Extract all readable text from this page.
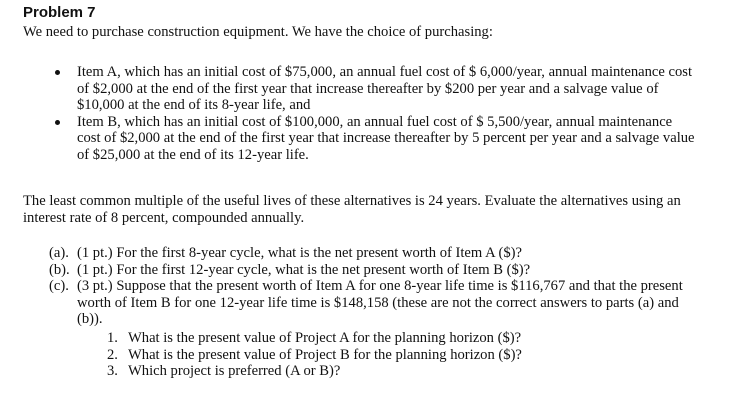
Problem 7

We need to purchase construction equipment. We have the choice of purchasing:

Item A, which has an initial cost of $75,000, an annual fuel cost of $ 6,000/year, annual maintenance cost of $2,000 at the end of the first year that increase thereafter by $200 per year and a salvage value of $10,000 at the end of its 8-year life, and
Item B, which has an initial cost of $100,000, an annual fuel cost of $ 5,500/year, annual maintenance cost of $2,000 at the end of the first year that increase thereafter by 5 percent per year and a salvage value of $25,000 at the end of its 12-year life.

The least common multiple of the useful lives of these alternatives is 24 years. Evaluate the alternatives using an interest rate of 8 percent, compounded annually.

(a). (1 pt.) For the first 8-year cycle, what is the net present worth of Item A ($)?
(b). (1 pt.) For the first 12-year cycle, what is the net present worth of Item B ($)?
(c). (3 pt.) Suppose that the present worth of Item A for one 8-year life time is $116,767 and that the present worth of Item B for one 12-year life time is $148,158 (these are not the correct answers to parts (a) and (b)).
1. What is the present value of Project A for the planning horizon ($)?
2. What is the present value of Project B for the planning horizon ($)?
3. Which project is preferred (A or B)?
